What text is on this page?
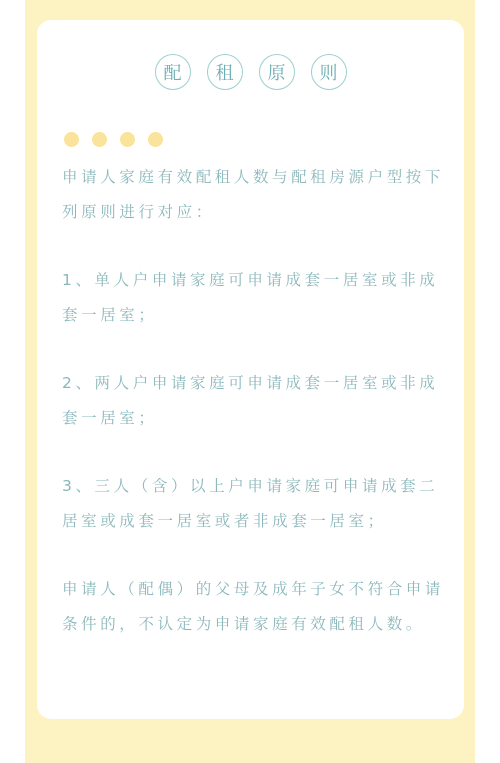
配	租	原	则

申请人家庭有效配租人数与配租房源户型按下列原则进行对应：

1、单人户申请家庭可申请成套一居室或非成套一居室；

2、两人户申请家庭可申请成套一居室或非成套一居室；

3、三人（含）以上户申请家庭可申请成套二居室或成套一居室或者非成套一居室；

申请人（配偶）的父母及成年子女不符合申请条件的，不认定为申请家庭有效配租人数。
